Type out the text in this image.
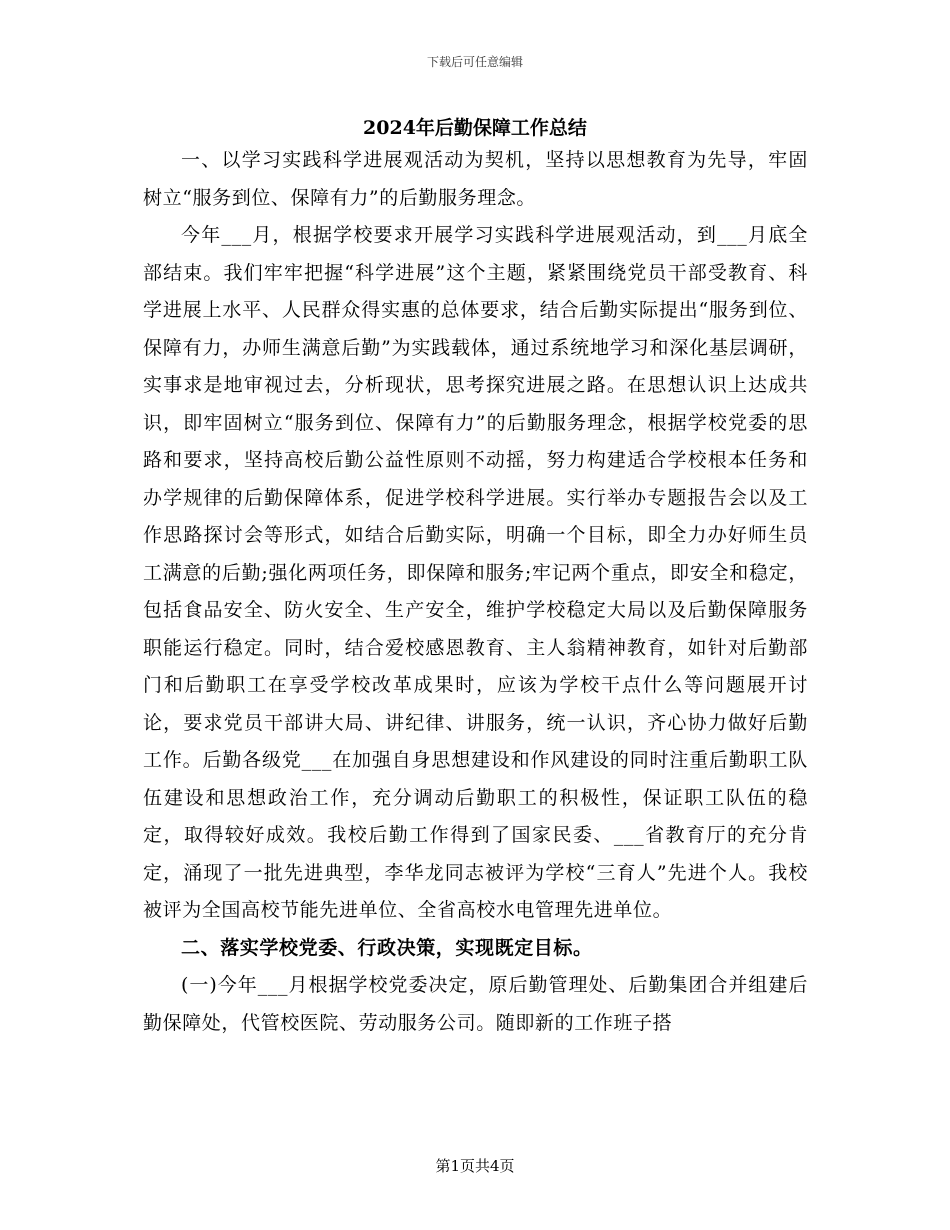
下载后可任意编辑
2024年后勤保障工作总结

一、以学习实践科学进展观活动为契机，坚持以思想教育为先导，牢固树立“服务到位、保障有力”的后勤服务理念。

今年___月，根据学校要求开展学习实践科学进展观活动，到___月底全部结束。我们牢牢把握“科学进展”这个主题，紧紧围绕党员干部受教育、科学进展上水平、人民群众得实惠的总体要求，结合后勤实际提出“服务到位、保障有力，办师生满意后勤”为实践载体，通过系统地学习和深化基层调研，实事求是地审视过去，分析现状，思考探究进展之路。在思想认识上达成共识，即牢固树立“服务到位、保障有力”的后勤服务理念，根据学校党委的思路和要求，坚持高校后勤公益性原则不动摇，努力构建适合学校根本任务和办学规律的后勤保障体系，促进学校科学进展。实行举办专题报告会以及工作思路探讨会等形式，如结合后勤实际，明确一个目标，即全力办好师生员工满意的后勤;强化两项任务，即保障和服务;牢记两个重点，即安全和稳定，包括食品安全、防火安全、生产安全，维护学校稳定大局以及后勤保障服务职能运行稳定。同时，结合爱校感恩教育、主人翁精神教育，如针对后勤部门和后勤职工在享受学校改革成果时，应该为学校干点什么等问题展开讨论，要求党员干部讲大局、讲纪律、讲服务，统一认识，齐心协力做好后勤工作。后勤各级党___在加强自身思想建设和作风建设的同时注重后勤职工队伍建设和思想政治工作，充分调动后勤职工的积极性，保证职工队伍的稳定，取得较好成效。我校后勤工作得到了国家民委、___省教育厅的充分肯定，涌现了一批先进典型，李华龙同志被评为学校“三育人”先进个人。我校被评为全国高校节能先进单位、全省高校水电管理先进单位。

二、落实学校党委、行政决策，实现既定目标。

(一)今年___月根据学校党委决定，原后勤管理处、后勤集团合并组建后勤保障处，代管校医院、劳动服务公司。随即新的工作班子搭

第1页共4页
